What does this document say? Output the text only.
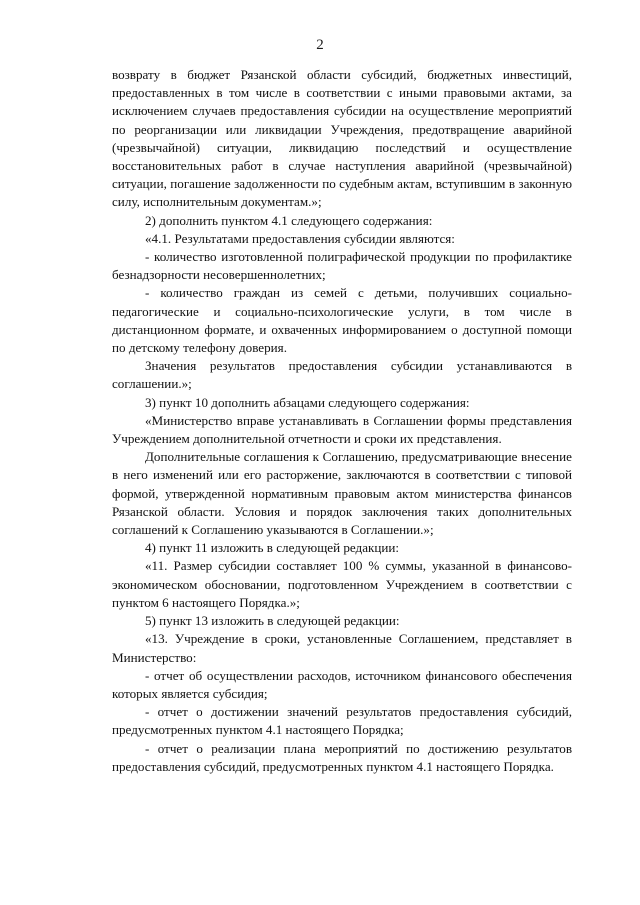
2

возврату в бюджет Рязанской области субсидий, бюджетных инвестиций, предоставленных в том числе в соответствии с иными правовыми актами, за исключением случаев предоставления субсидии на осуществление мероприятий по реорганизации или ликвидации Учреждения, предотвращение аварийной (чрезвычайной) ситуации, ликвидацию последствий и осуществление восстановительных работ в случае наступления аварийной (чрезвычайной) ситуации, погашение задолженности по судебным актам, вступившим в законную силу, исполнительным документам.»;

2) дополнить пунктом 4.1 следующего содержания:

«4.1. Результатами предоставления субсидии являются:

- количество изготовленной полиграфической продукции по профилактике безнадзорности несовершеннолетних;

- количество граждан из семей с детьми, получивших социально-педагогические и социально-психологические услуги, в том числе в дистанционном формате, и охваченных информированием о доступной помощи по детскому телефону доверия.

Значения результатов предоставления субсидии устанавливаются в соглашении.»;

3) пункт 10 дополнить абзацами следующего содержания:

«Министерство вправе устанавливать в Соглашении формы представления Учреждением дополнительной отчетности и сроки их представления.

Дополнительные соглашения к Соглашению, предусматривающие внесение в него изменений или его расторжение, заключаются в соответствии с типовой формой, утвержденной нормативным правовым актом министерства финансов Рязанской области. Условия и порядок заключения таких дополнительных соглашений к Соглашению указываются в Соглашении.»;

4) пункт 11 изложить в следующей редакции:

«11. Размер субсидии составляет 100 % суммы, указанной в финансово-экономическом обосновании, подготовленном Учреждением в соответствии с пунктом 6 настоящего Порядка.»;

5) пункт 13 изложить в следующей редакции:

«13. Учреждение в сроки, установленные Соглашением, представляет в Министерство:

- отчет об осуществлении расходов, источником финансового обеспечения которых является субсидия;

- отчет о достижении значений результатов предоставления субсидий, предусмотренных пунктом 4.1 настоящего Порядка;

- отчет о реализации плана мероприятий по достижению результатов предоставления субсидий, предусмотренных пунктом 4.1 настоящего Порядка.
